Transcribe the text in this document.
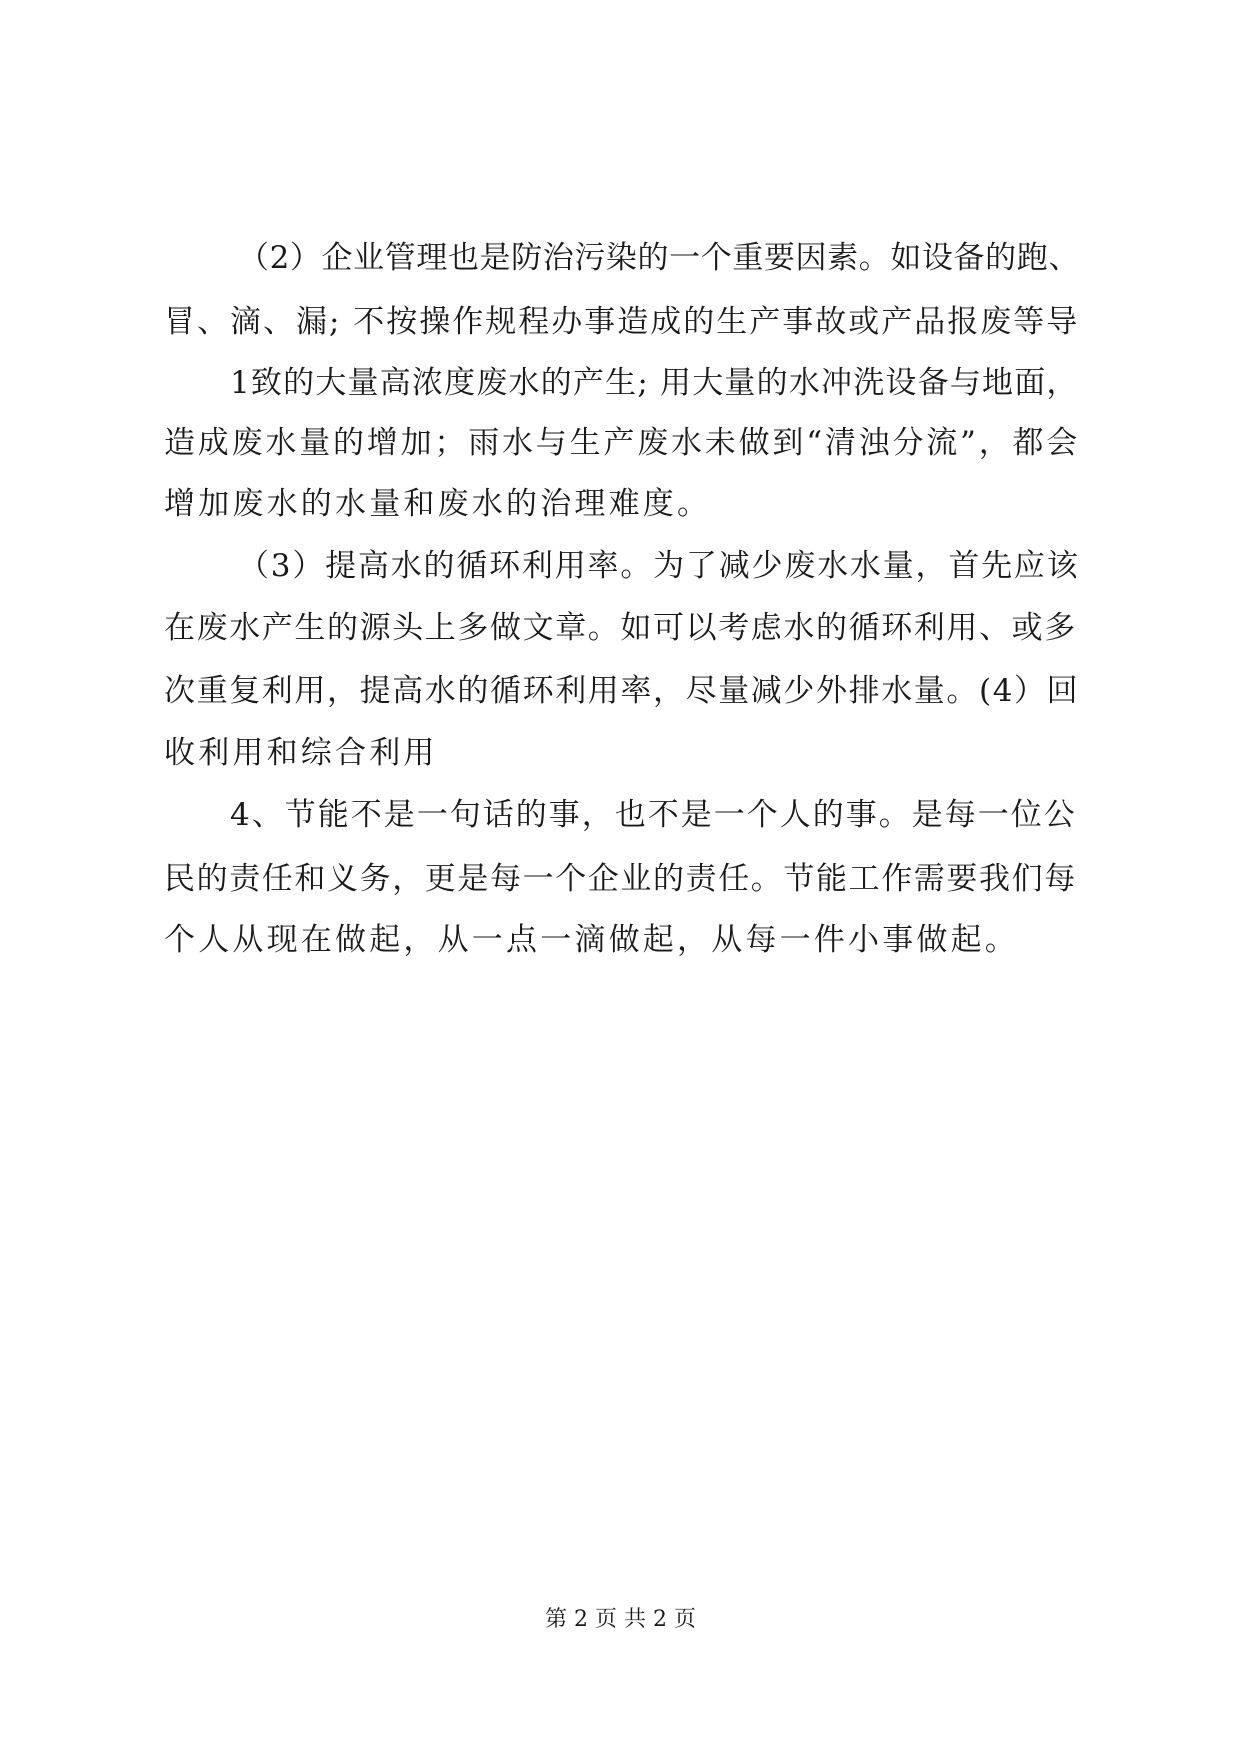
（2）企业管理也是防治污染的一个重要因素。如设备的跑、
冒、滴、漏; 不按操作规程办事造成的生产事故或产品报废等导
1致的大量高浓度废水的产生; 用大量的水冲洗设备与地面，
造成废水量的增加；雨水与生产废水未做到“清浊分流”，都会
增加废水的水量和废水的治理难度。
（3）提高水的循环利用率。为了减少废水水量，首先应该
在废水产生的源头上多做文章。如可以考虑水的循环利用、或多
次重复利用，提高水的循环利用率，尽量减少外排水量。(4）回
收利用和综合利用
4、节能不是一句话的事，也不是一个人的事。是每一位公
民的责任和义务，更是每一个企业的责任。节能工作需要我们每
个人从现在做起，从一点一滴做起，从每一件小事做起。
第 2 页 共 2 页
